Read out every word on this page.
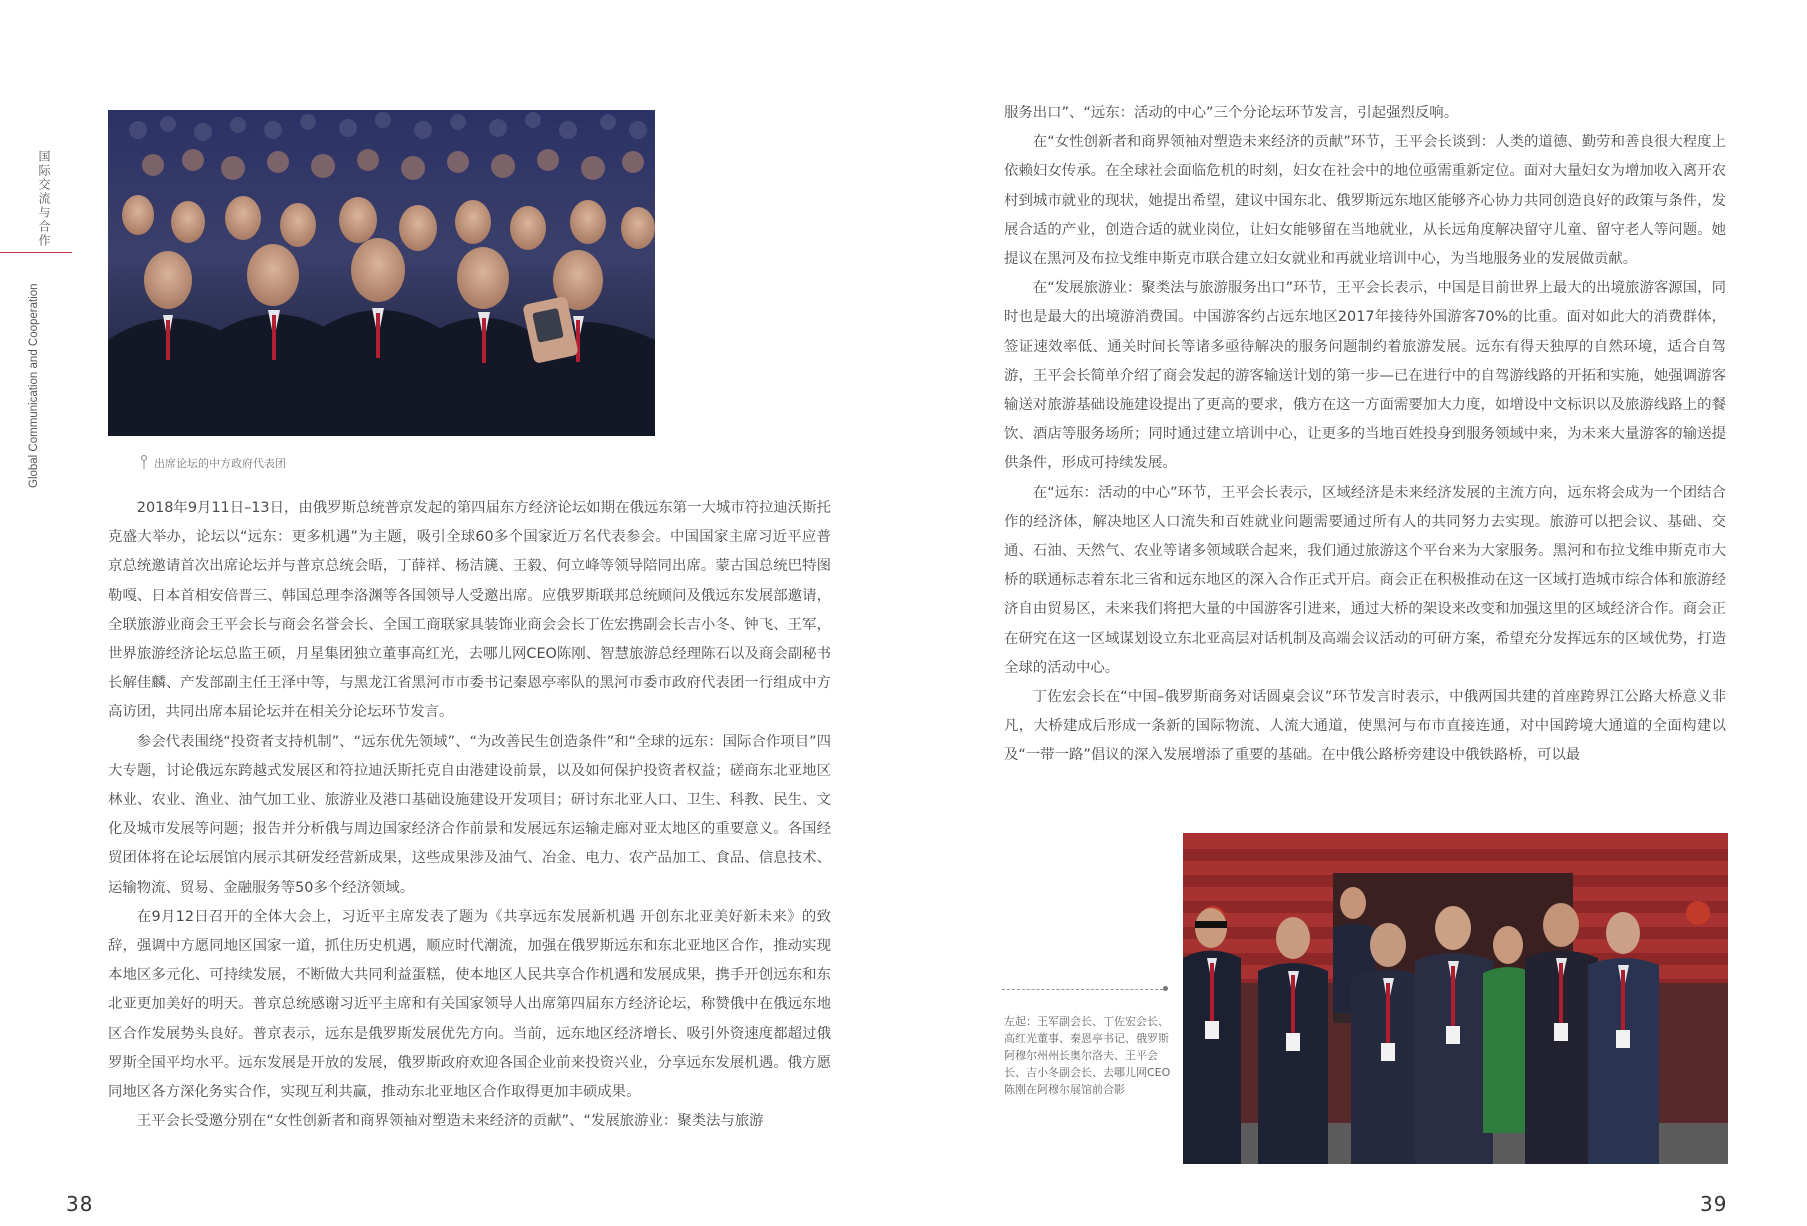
国际交流与合作
Global Communication and Cooperation	出席论坛的中方政府代表团

2018年9月11日–13日，由俄罗斯总统普京发起的第四届东方经济论坛如期在俄远东第一大城市符拉迪沃斯托克盛大举办，论坛以“远东：更多机遇”为主题，吸引全球60多个国家近万名代表参会。中国国家主席习近平应普京总统邀请首次出席论坛并与普京总统会晤，丁薛祥、杨洁篪、王毅、何立峰等领导陪同出席。蒙古国总统巴特图勒嘎、日本首相安倍晋三、韩国总理李洛渊等各国领导人受邀出席。应俄罗斯联邦总统顾问及俄远东发展部邀请，全联旅游业商会王平会长与商会名誉会长、全国工商联家具装饰业商会会长丁佐宏携副会长吉小冬、钟飞、王军，世界旅游经济论坛总监王硕，月星集团独立董事高红光，去哪儿网CEO陈刚、智慧旅游总经理陈石以及商会副秘书长解佳麟、产发部副主任王泽中等，与黑龙江省黑河市市委书记秦恩亭率队的黑河市委市政府代表团一行组成中方高访团，共同出席本届论坛并在相关分论坛环节发言。

参会代表围绕“投资者支持机制”、“远东优先领域”、“为改善民生创造条件”和“全球的远东：国际合作项目”四大专题，讨论俄远东跨越式发展区和符拉迪沃斯托克自由港建设前景，以及如何保护投资者权益；磋商东北亚地区林业、农业、渔业、油气加工业、旅游业及港口基础设施建设开发项目；研讨东北亚人口、卫生、科教、民生、文化及城市发展等问题；报告并分析俄与周边国家经济合作前景和发展远东运输走廊对亚太地区的重要意义。各国经贸团体将在论坛展馆内展示其研发经营新成果，这些成果涉及油气、冶金、电力、农产品加工、食品、信息技术、运输物流、贸易、金融服务等50多个经济领域。

在9月12日召开的全体大会上，习近平主席发表了题为《共享远东发展新机遇 开创东北亚美好新未来》的致辞，强调中方愿同地区国家一道，抓住历史机遇，顺应时代潮流，加强在俄罗斯远东和东北亚地区合作，推动实现本地区多元化、可持续发展，不断做大共同利益蛋糕，使本地区人民共享合作机遇和发展成果，携手开创远东和东北亚更加美好的明天。普京总统感谢习近平主席和有关国家领导人出席第四届东方经济论坛，称赞俄中在俄远东地区合作发展势头良好。普京表示，远东是俄罗斯发展优先方向。当前，远东地区经济增长、吸引外资速度都超过俄罗斯全国平均水平。远东发展是开放的发展，俄罗斯政府欢迎各国企业前来投资兴业，分享远东发展机遇。俄方愿同地区各方深化务实合作，实现互利共赢，推动东北亚地区合作取得更加丰硕成果。

王平会长受邀分别在“女性创新者和商界领袖对塑造未来经济的贡献”、“发展旅游业：聚类法与旅游

服务出口”、“远东：活动的中心”三个分论坛环节发言，引起强烈反响。

在“女性创新者和商界领袖对塑造未来经济的贡献”环节，王平会长谈到：人类的道德、勤劳和善良很大程度上依赖妇女传承。在全球社会面临危机的时刻，妇女在社会中的地位亟需重新定位。面对大量妇女为增加收入离开农村到城市就业的现状，她提出希望，建议中国东北、俄罗斯远东地区能够齐心协力共同创造良好的政策与条件，发展合适的产业，创造合适的就业岗位，让妇女能够留在当地就业，从长远角度解决留守儿童、留守老人等问题。她提议在黑河及布拉戈维申斯克市联合建立妇女就业和再就业培训中心，为当地服务业的发展做贡献。

在“发展旅游业：聚类法与旅游服务出口”环节，王平会长表示，中国是目前世界上最大的出境旅游客源国，同时也是最大的出境游消费国。中国游客约占远东地区2017年接待外国游客70%的比重。面对如此大的消费群体，签证速效率低、通关时间长等诸多亟待解决的服务问题制约着旅游发展。远东有得天独厚的自然环境，适合自驾游，王平会长简单介绍了商会发起的游客输送计划的第一步—已在进行中的自驾游线路的开拓和实施，她强调游客输送对旅游基础设施建设提出了更高的要求，俄方在这一方面需要加大力度，如增设中文标识以及旅游线路上的餐饮、酒店等服务场所；同时通过建立培训中心，让更多的当地百姓投身到服务领域中来，为未来大量游客的输送提供条件，形成可持续发展。

在“远东：活动的中心”环节，王平会长表示，区域经济是未来经济发展的主流方向，远东将会成为一个团结合作的经济体，解决地区人口流失和百姓就业问题需要通过所有人的共同努力去实现。旅游可以把会议、基础、交通、石油、天然气、农业等诸多领域联合起来，我们通过旅游这个平台来为大家服务。黑河和布拉戈维申斯克市大桥的联通标志着东北三省和远东地区的深入合作正式开启。商会正在积极推动在这一区域打造城市综合体和旅游经济自由贸易区，未来我们将把大量的中国游客引进来，通过大桥的架设来改变和加强这里的区域经济合作。商会正在研究在这一区域谋划设立东北亚高层对话机制及高端会议活动的可研方案，希望充分发挥远东的区域优势，打造全球的活动中心。

丁佐宏会长在“中国–俄罗斯商务对话圆桌会议”环节发言时表示，中俄两国共建的首座跨界江公路大桥意义非凡，大桥建成后形成一条新的国际物流、人流大通道，使黑河与布市直接连通，对中国跨境大通道的全面构建以及“一带一路”倡议的深入发展增添了重要的基础。在中俄公路桥旁建设中俄铁路桥，可以最

左起：王军副会长、丁佐宏会长、高红光董事、秦恩亭书记、俄罗斯阿穆尔州州长奥尔洛夫、王平会长、吉小冬副会长、去哪儿网CEO陈刚在阿穆尔展馆前合影
38	39
